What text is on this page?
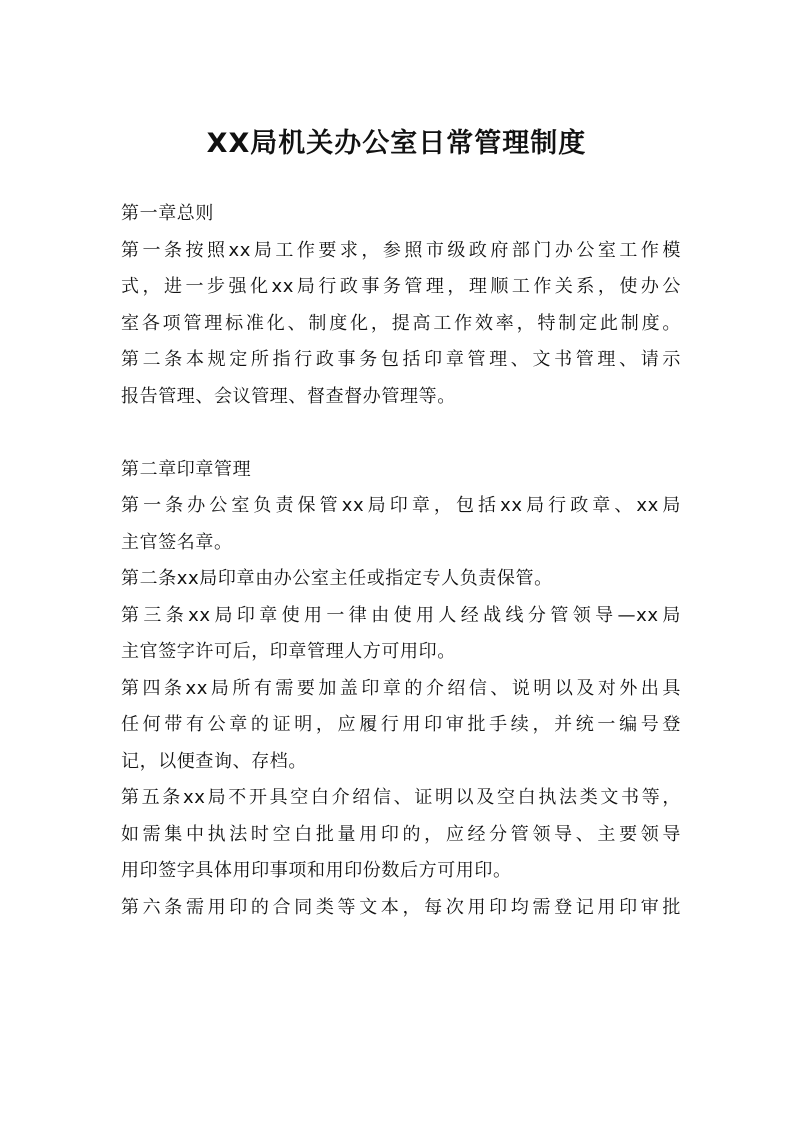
XX局机关办公室日常管理制度
第一章总则
第一条按照xx局工作要求，参照市级政府部门办公室工作模
式，进一步强化xx局行政事务管理，理顺工作关系，使办公
室各项管理标准化、制度化，提高工作效率，特制定此制度。
第二条本规定所指行政事务包括印章管理、文书管理、请示
报告管理、会议管理、督查督办管理等。
第二章印章管理
第一条办公室负责保管xx局印章，包括xx局行政章、xx局
主官签名章。
第二条xx局印章由办公室主任或指定专人负责保管。
第三条xx局印章使用一律由使用人经战线分管领导—xx局
主官签字许可后，印章管理人方可用印。
第四条xx局所有需要加盖印章的介绍信、说明以及对外出具
任何带有公章的证明，应履行用印审批手续，并统一编号登
记，以便查询、存档。
第五条xx局不开具空白介绍信、证明以及空白执法类文书等，
如需集中执法时空白批量用印的，应经分管领导、主要领导
用印签字具体用印事项和用印份数后方可用印。
第六条需用印的合同类等文本，每次用印均需登记用印审批
